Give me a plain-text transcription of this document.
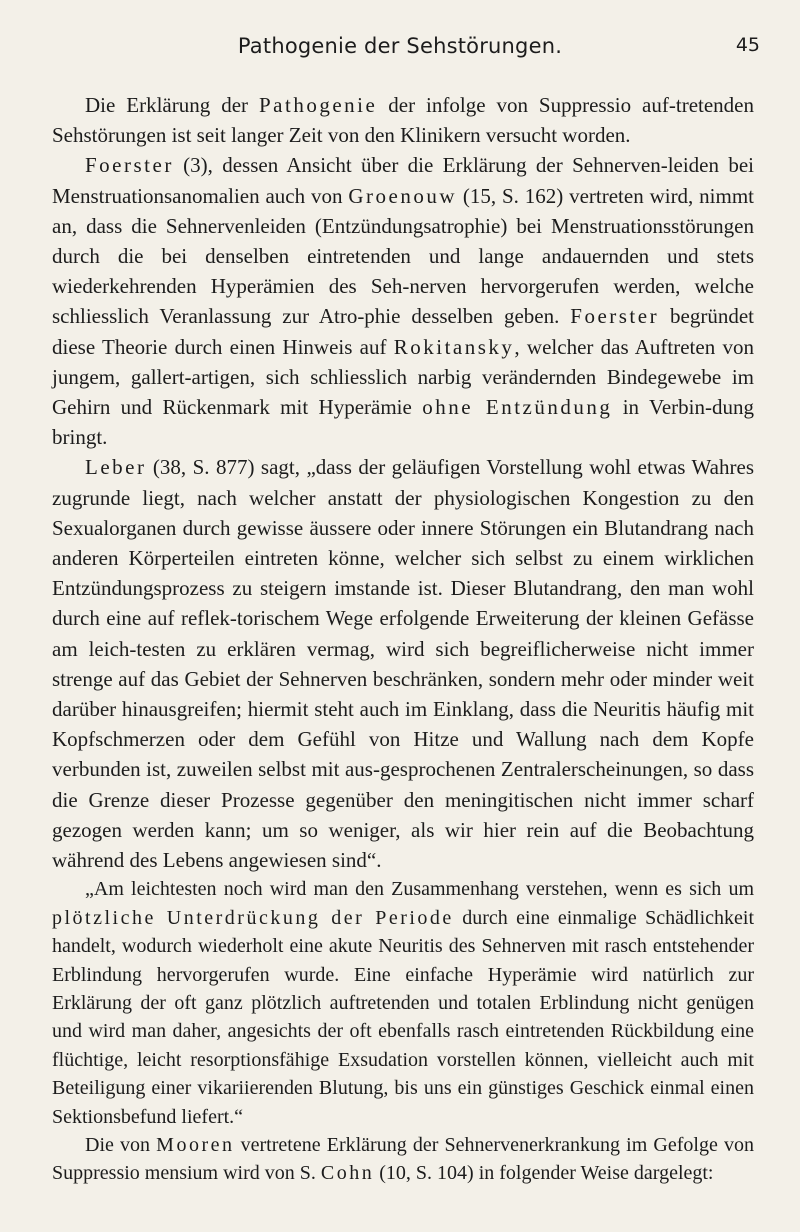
Pathogenie der Sehstörungen.	45

Die Erklärung der Pathogenie der infolge von Suppressio auf-tretenden Sehstörungen ist seit langer Zeit von den Klinikern versucht worden.

Foerster (3), dessen Ansicht über die Erklärung der Sehnerven-leiden bei Menstruationsanomalien auch von Groenouw (15, S. 162) vertreten wird, nimmt an, dass die Sehnervenleiden (Entzündungsatrophie) bei Menstruationsstörungen durch die bei denselben eintretenden und lange andauernden und stets wiederkehrenden Hyperämien des Seh-nerven hervorgerufen werden, welche schliesslich Veranlassung zur Atro-phie desselben geben. Foerster begründet diese Theorie durch einen Hinweis auf Rokitansky, welcher das Auftreten von jungem, gallert-artigen, sich schliesslich narbig verändernden Bindegewebe im Gehirn und Rückenmark mit Hyperämie ohne Entzündung in Verbin-dung bringt.

Leber (38, S. 877) sagt, „dass der geläufigen Vorstellung wohl etwas Wahres zugrunde liegt, nach welcher anstatt der physiologischen Kongestion zu den Sexualorganen durch gewisse äussere oder innere Störungen ein Blutandrang nach anderen Körperteilen eintreten könne, welcher sich selbst zu einem wirklichen Entzündungsprozess zu steigern imstande ist. Dieser Blutandrang, den man wohl durch eine auf reflek-torischem Wege erfolgende Erweiterung der kleinen Gefässe am leich-testen zu erklären vermag, wird sich begreiflicherweise nicht immer strenge auf das Gebiet der Sehnerven beschränken, sondern mehr oder minder weit darüber hinausgreifen; hiermit steht auch im Einklang, dass die Neuritis häufig mit Kopfschmerzen oder dem Gefühl von Hitze und Wallung nach dem Kopfe verbunden ist, zuweilen selbst mit aus-gesprochenen Zentralerscheinungen, so dass die Grenze dieser Prozesse gegenüber den meningitischen nicht immer scharf gezogen werden kann; um so weniger, als wir hier rein auf die Beobachtung während des Lebens angewiesen sind“.

„Am leichtesten noch wird man den Zusammenhang verstehen, wenn es sich um plötzliche Unterdrückung der Periode durch eine einmalige Schädlichkeit handelt, wodurch wiederholt eine akute Neuritis des Sehnerven mit rasch entstehender Erblindung hervorgerufen wurde. Eine einfache Hyperämie wird natürlich zur Erklärung der oft ganz plötzlich auftretenden und totalen Erblindung nicht genügen und wird man daher, angesichts der oft ebenfalls rasch eintretenden Rückbildung eine flüchtige, leicht resorptionsfähige Exsudation vorstellen können, vielleicht auch mit Beteiligung einer vikariierenden Blutung, bis uns ein günstiges Geschick einmal einen Sektionsbefund liefert.“

Die von Mooren vertretene Erklärung der Sehnervenerkrankung im Gefolge von Suppressio mensium wird von S. Cohn (10, S. 104) in folgender Weise dargelegt:
